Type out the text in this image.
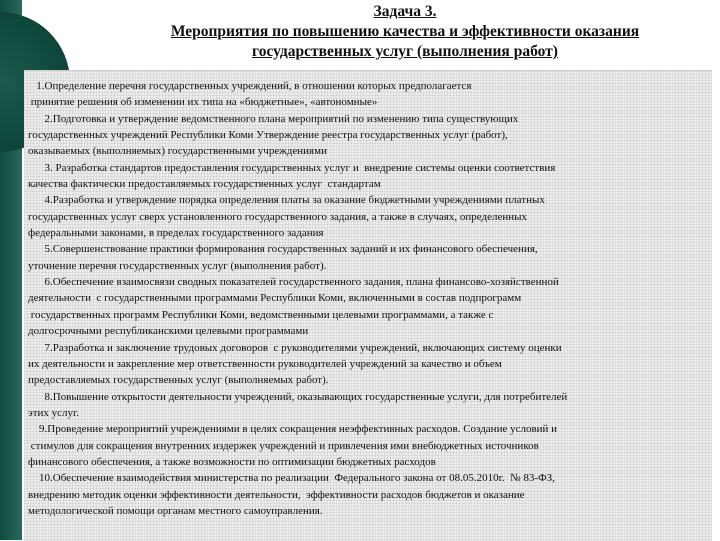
Задача 3.
Мероприятия по повышению качества и эффективности оказания
государственных услуг (выполнения работ)
1.Определение перечня государственных учреждений, в отношении которых предполагается
принятие решения об изменении их типа на «бюджетные», «автономные»
2.Подготовка и утверждение ведомственного плана мероприятий по изменению типа существующих
государственных учреждений Республики Коми Утверждение реестра государственных услуг (работ),
оказываемых (выполняемых) государственными учреждениями
3. Разработка стандартов предоставления государственных услуг и  внедрение системы оценки соответствия
качества фактически предоставляемых государственных услуг  стандартам
4.Разработка и утверждение порядка определения платы за оказание бюджетными учреждениями платных
государственных услуг сверх установленного государственного задания, а также в случаях, определенных
федеральными законами, в пределах государственного задания
5.Совершенствование практики формирования государственных заданий и их финансового обеспечения,
уточнение перечня государственных услуг (выполнения работ).
6.Обеспечение взаимосвязи сводных показателей государственного задания, плана финансово-хозяйственной
деятельности  с государственными программами Республики Коми, включенными в состав подпрограмм
государственных программ Республики Коми, ведомственными целевыми программами, а также с
долгосрочными республиканскими целевыми программами
7.Разработка и заключение трудовых договоров  с руководителями учреждений, включающих систему оценки
их деятельности и закрепление мер ответственности руководителей учреждений за качество и объем
предоставляемых государственных услуг (выполняемых работ).
8.Повышение открытости деятельности учреждений, оказывающих государственные услуги, для потребителей
этих услуг.
9.Проведение мероприятий учреждениями в целях сокращения неэффективных расходов. Создание условий и
стимулов для сокращения внутренних издержек учреждений и привлечения ими внебюджетных источников
финансового обеспечения, а также возможности по оптимизации бюджетных расходов
10.Обеспечение взаимодействия министерства по реализации  Федерального закона от 08.05.2010г.  № 83-ФЗ,
внедрению методик оценки эффективности деятельности,  эффективности расходов бюджетов и оказание
методологической помощи органам местного самоуправления.
